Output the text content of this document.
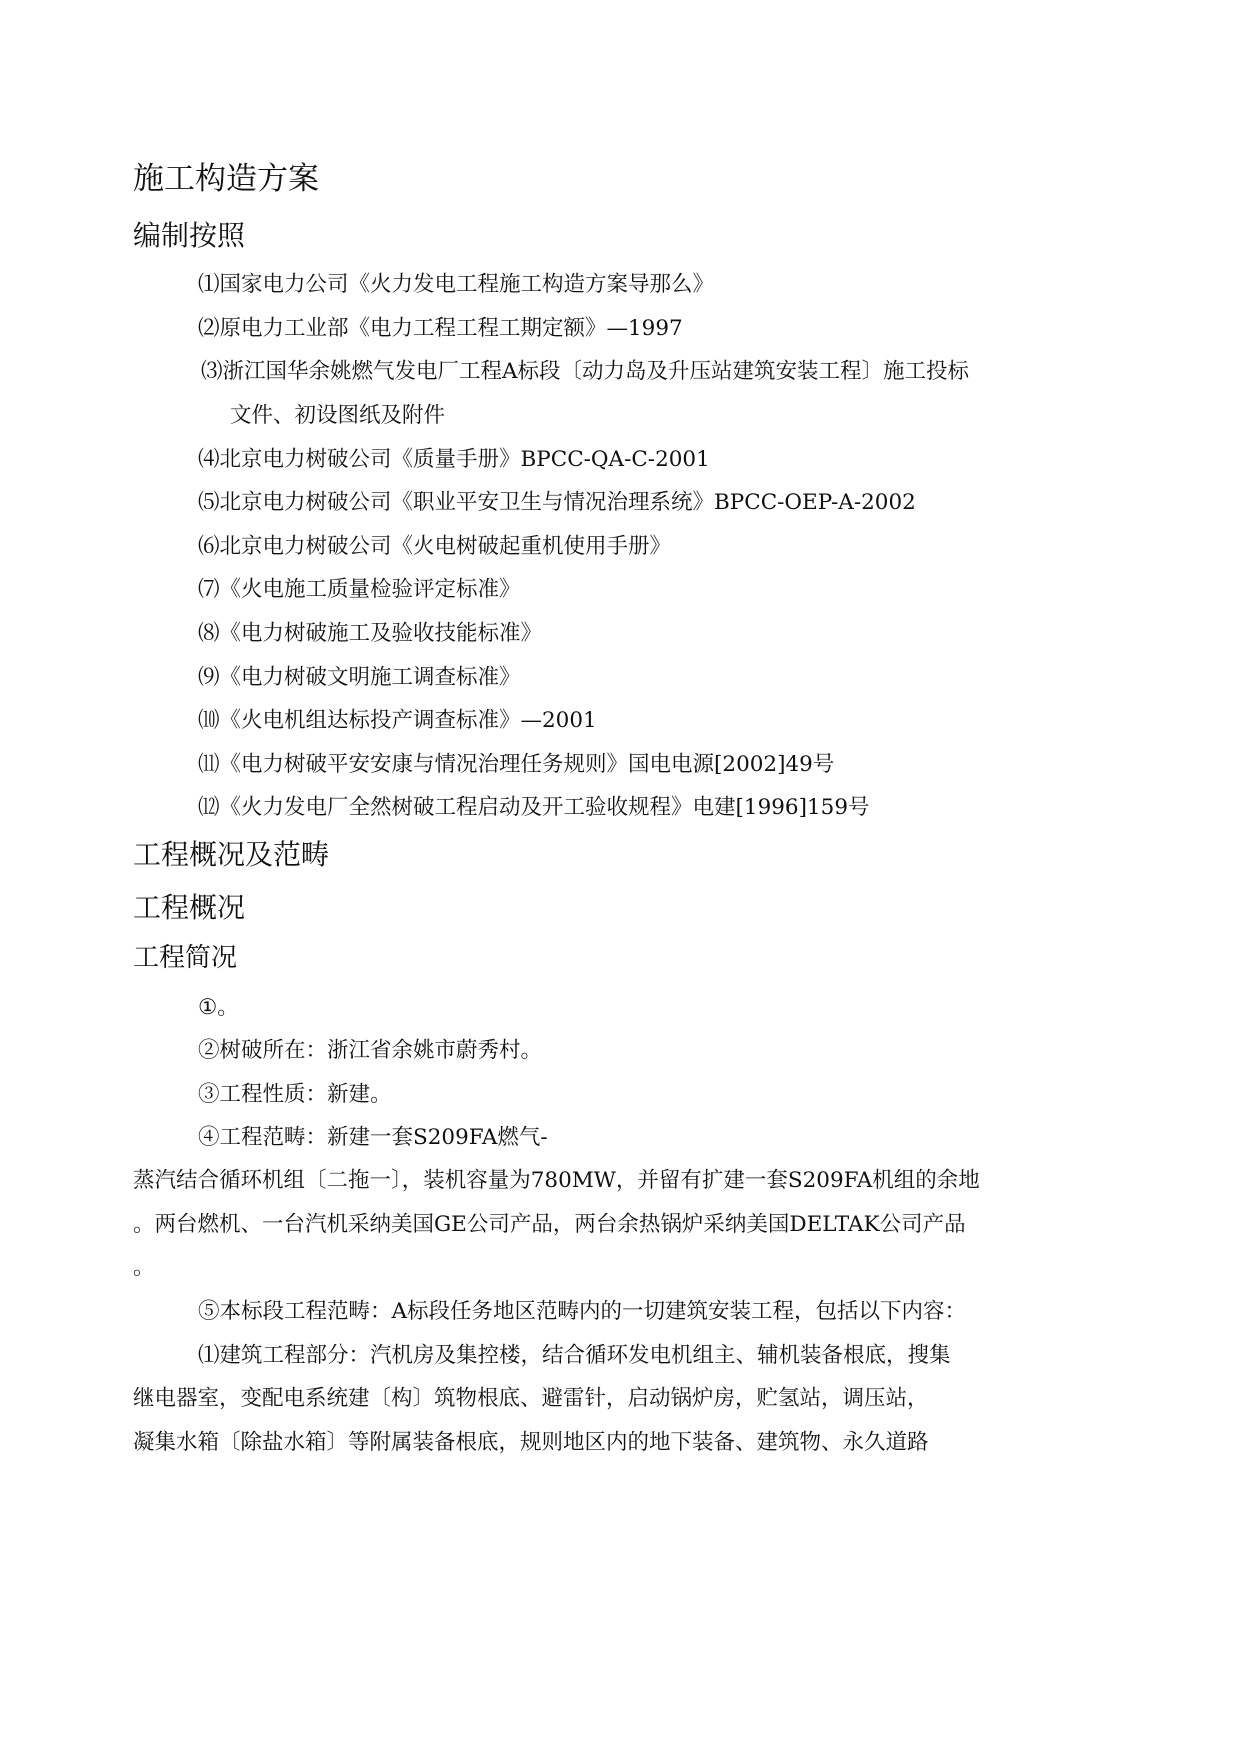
施工构造方案
编制按照
⑴国家电力公司《火力发电工程施工构造方案导那么》
⑵原电力工业部《电力工程工程工期定额》—1997
⑶浙江国华余姚燃气发电厂工程A标段〔动力岛及升压站建筑安装工程〕施工投标
文件、初设图纸及附件
⑷北京电力树破公司《质量手册》BPCC-QA-C-2001
⑸北京电力树破公司《职业平安卫生与情况治理系统》BPCC-OEP-A-2002
⑹北京电力树破公司《火电树破起重机使用手册》
⑺《火电施工质量检验评定标准》
⑻《电力树破施工及验收技能标准》
⑼《电力树破文明施工调查标准》
⑽《火电机组达标投产调查标准》—2001
⑾《电力树破平安安康与情况治理任务规则》国电电源[2002]49号
⑿《火力发电厂全然树破工程启动及开工验收规程》电建[1996]159号
工程概况及范畴
工程概况
工程简况
①。
②树破所在：浙江省余姚市蔚秀村。
③工程性质：新建。
④工程范畴：新建一套S209FA燃气-
蒸汽结合循环机组〔二拖一〕，装机容量为780MW，并留有扩建一套S209FA机组的余地
。两台燃机、一台汽机采纳美国GE公司产品，两台余热锅炉采纳美国DELTAK公司产品
。
⑤本标段工程范畴：A标段任务地区范畴内的一切建筑安装工程，包括以下内容：
⑴建筑工程部分：汽机房及集控楼，结合循环发电机组主、辅机装备根底，搜集
继电器室，变配电系统建〔构〕筑物根底、避雷针，启动锅炉房，贮氢站，调压站，
凝集水箱〔除盐水箱〕等附属装备根底，规则地区内的地下装备、建筑物、永久道路
